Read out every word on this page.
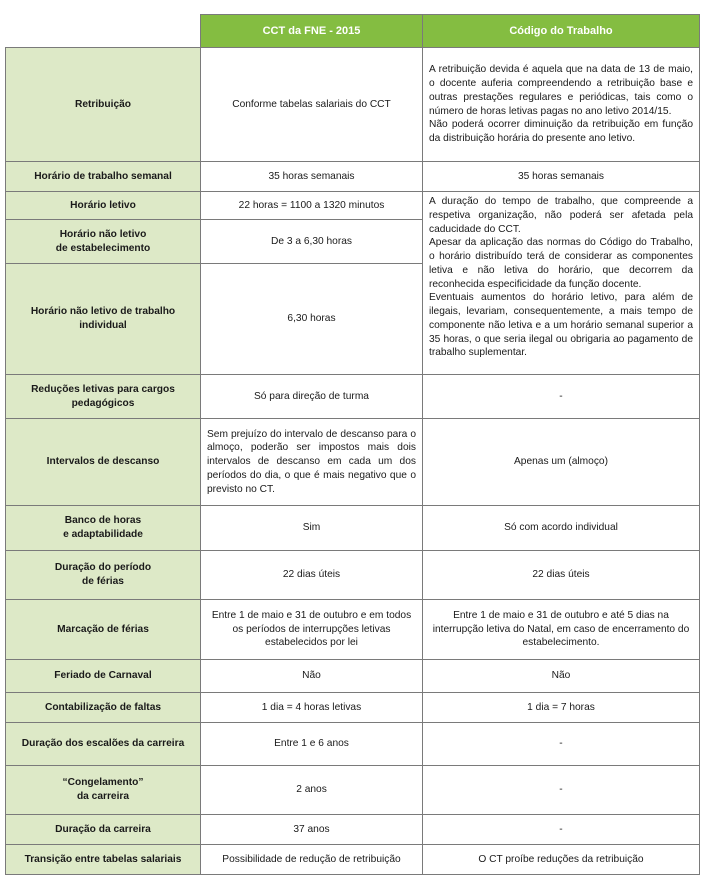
	CCT da FNE - 2015	Código do Trabalho
Retribuição	Conforme tabelas salariais do CCT	A retribuição devida é aquela que na data de 13 de maio, o docente auferia compreendendo a retribuição base e outras prestações regulares e periódicas, tais como o número de horas letivas pagas no ano letivo 2014/15.
Não poderá ocorrer diminuição da retribuição em função da distribuição horária do presente ano letivo.
Horário de trabalho semanal	35 horas semanais	35 horas semanais
Horário letivo	22 horas = 1100 a 1320 minutos	A duração do tempo de trabalho, que compreende a respetiva organização, não poderá ser afetada pela caducidade do CCT.
Apesar da aplicação das normas do Código do Trabalho, o horário distribuído terá de considerar as componentes letiva e não letiva do horário, que decorrem da reconhecida especificidade da função docente.
Eventuais aumentos do horário letivo, para além de ilegais, levariam, consequentemente, a mais tempo de componente não letiva e a um horário semanal superior a 35 horas, o que seria ilegal ou obrigaria ao pagamento de trabalho suplementar.
Horário não letivo
de estabelecimento	De 3 a 6,30 horas	
Horário não letivo de trabalho individual	6,30 horas	
Reduções letivas para cargos pedagógicos	Só para direção de turma	-
Intervalos de descanso	Sem prejuízo do intervalo de descanso para o almoço, poderão ser impostos mais dois intervalos de descanso em cada um dos períodos do dia, o que é mais negativo que o previsto no CT.	Apenas um (almoço)
Banco de horas
e adaptabilidade	Sim	Só com acordo individual
Duração do período
de férias	22 dias úteis	22 dias úteis
Marcação de férias	Entre 1 de maio e 31 de outubro e em todos os períodos de interrupções letivas estabelecidos por lei	Entre 1 de maio e 31 de outubro e até 5 dias na interrupção letiva do Natal, em caso de encerramento do estabelecimento.
Feriado de Carnaval	Não	Não
Contabilização de faltas	1 dia = 4 horas letivas	1 dia = 7 horas
Duração dos escalões da carreira	Entre 1 e 6 anos	-
“Congelamento”
da carreira	2 anos	-
Duração da carreira	37 anos	-
Transição entre tabelas salariais	Possibilidade de redução de retribuição	O CT proíbe reduções da retribuição
